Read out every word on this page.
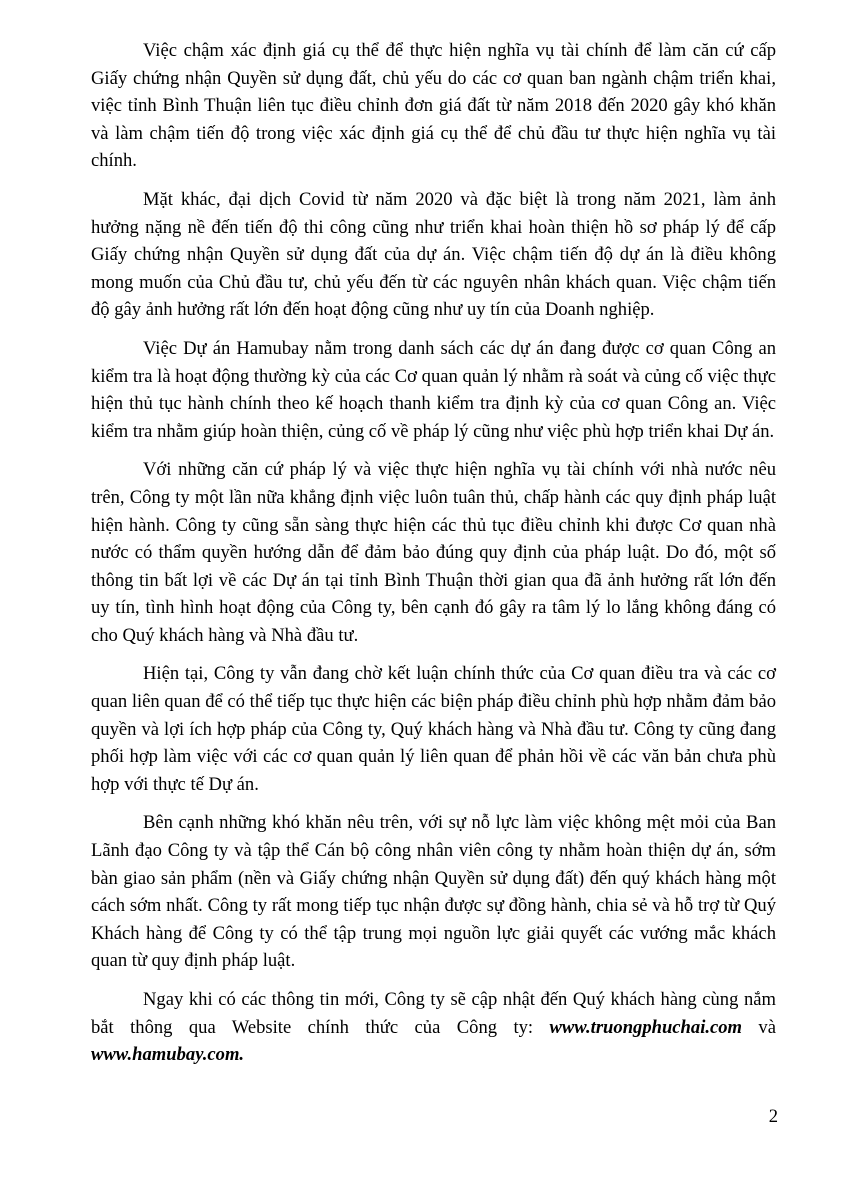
Việc chậm xác định giá cụ thể để thực hiện nghĩa vụ tài chính để làm căn cứ cấp Giấy chứng nhận Quyền sử dụng đất, chủ yếu do các cơ quan ban ngành chậm triển khai, việc tỉnh Bình Thuận liên tục điều chỉnh đơn giá đất từ năm 2018 đến 2020 gây khó khăn và làm chậm tiến độ trong việc xác định giá cụ thể để chủ đầu tư thực hiện nghĩa vụ tài chính.

Mặt khác, đại dịch Covid từ năm 2020 và đặc biệt là trong năm 2021, làm ảnh hưởng nặng nề đến tiến độ thi công cũng như triển khai hoàn thiện hồ sơ pháp lý để cấp Giấy chứng nhận Quyền sử dụng đất của dự án. Việc chậm tiến độ dự án là điều không mong muốn của Chủ đầu tư, chủ yếu đến từ các nguyên nhân khách quan. Việc chậm tiến độ gây ảnh hưởng rất lớn đến hoạt động cũng như uy tín của Doanh nghiệp.

Việc Dự án Hamubay nằm trong danh sách các dự án đang được cơ quan Công an kiểm tra là hoạt động thường kỳ của các Cơ quan quản lý nhằm rà soát và củng cố việc thực hiện thủ tục hành chính theo kế hoạch thanh kiểm tra định kỳ của cơ quan Công an. Việc kiểm tra nhằm giúp hoàn thiện, củng cố về pháp lý cũng như việc phù hợp triển khai Dự án.

Với những căn cứ pháp lý và việc thực hiện nghĩa vụ tài chính với nhà nước nêu trên, Công ty một lần nữa khẳng định việc luôn tuân thủ, chấp hành các quy định pháp luật hiện hành. Công ty cũng sẵn sàng thực hiện các thủ tục điều chỉnh khi được Cơ quan nhà nước có thẩm quyền hướng dẫn để đảm bảo đúng quy định của pháp luật. Do đó, một số thông tin bất lợi về các Dự án tại tỉnh Bình Thuận thời gian qua đã ảnh hưởng rất lớn đến uy tín, tình hình hoạt động của Công ty, bên cạnh đó gây ra tâm lý lo lắng không đáng có cho Quý khách hàng và Nhà đầu tư.

Hiện tại, Công ty vẫn đang chờ kết luận chính thức của Cơ quan điều tra và các cơ quan liên quan để có thể tiếp tục thực hiện các biện pháp điều chỉnh phù hợp nhằm đảm bảo quyền và lợi ích hợp pháp của Công ty, Quý khách hàng và Nhà đầu tư. Công ty cũng đang phối hợp làm việc với các cơ quan quản lý liên quan để phản hồi về các văn bản chưa phù hợp với thực tế Dự án.

Bên cạnh những khó khăn nêu trên, với sự nỗ lực làm việc không mệt mỏi của Ban Lãnh đạo Công ty và tập thể Cán bộ công nhân viên công ty nhằm hoàn thiện dự án, sớm bàn giao sản phẩm (nền và Giấy chứng nhận Quyền sử dụng đất) đến quý khách hàng một cách sớm nhất. Công ty rất mong tiếp tục nhận được sự đồng hành, chia sẻ và hỗ trợ từ Quý Khách hàng để Công ty có thể tập trung mọi nguồn lực giải quyết các vướng mắc khách quan từ quy định pháp luật.

Ngay khi có các thông tin mới, Công ty sẽ cập nhật đến Quý khách hàng cùng nắm bắt thông qua Website chính thức của Công ty: www.truongphuchai.com và www.hamubay.com.

2
